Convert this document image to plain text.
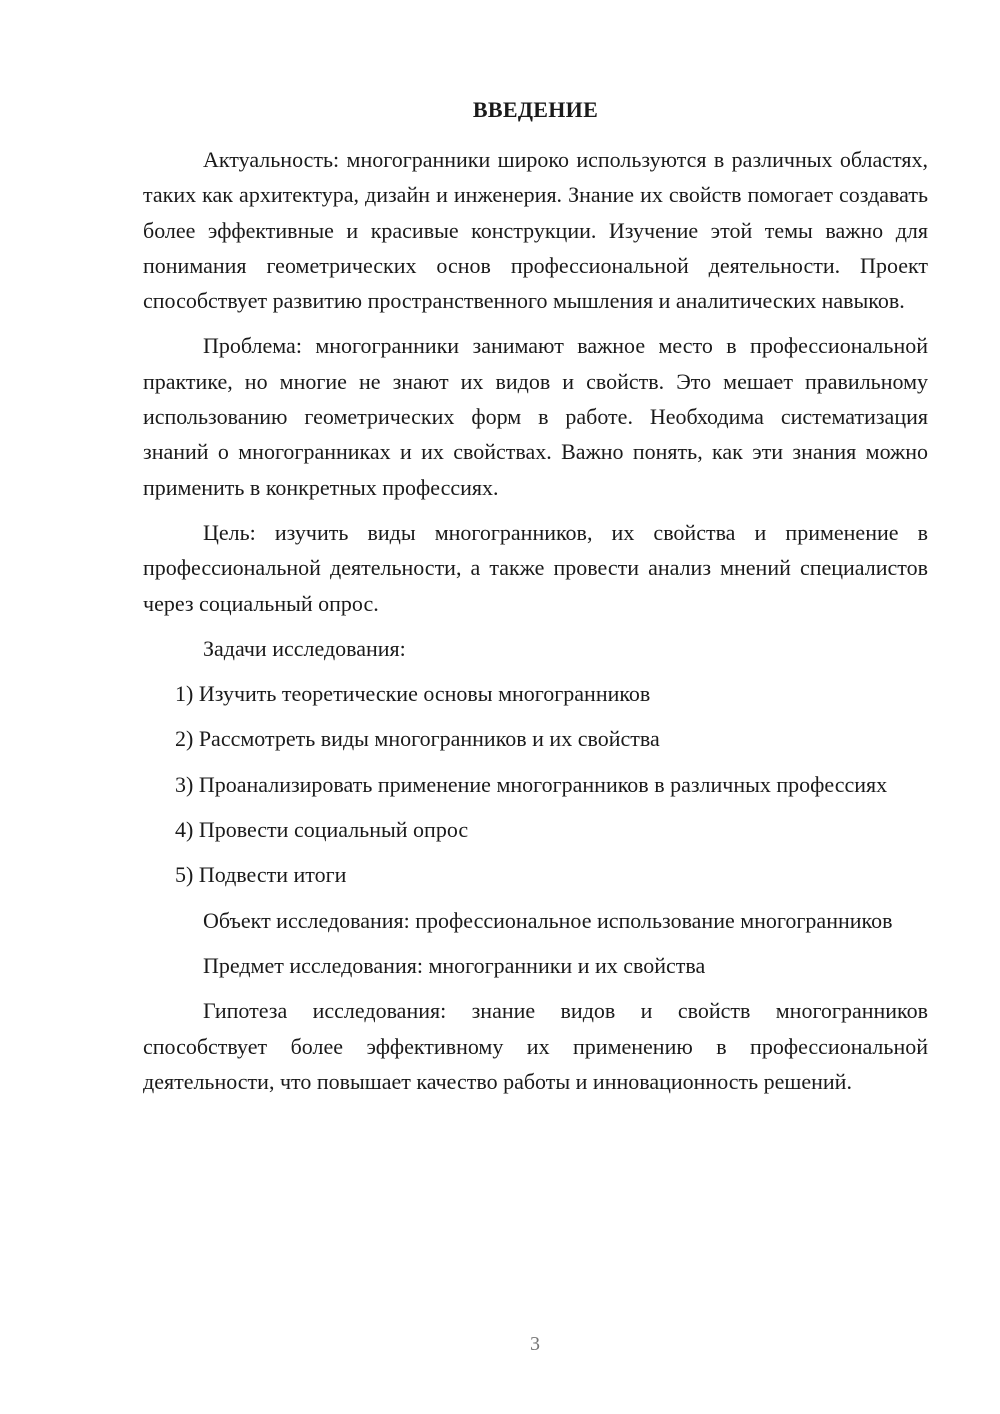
ВВЕДЕНИЕ

Актуальность: многогранники широко используются в различных областях, таких как архитектура, дизайн и инженерия. Знание их свойств помогает создавать более эффективные и красивые конструкции. Изучение этой темы важно для понимания геометрических основ профессиональной деятельности. Проект способствует развитию пространственного мышления и аналитических навыков.

Проблема: многогранники занимают важное место в профессиональной практике, но многие не знают их видов и свойств. Это мешает правильному использованию геометрических форм в работе. Необходима систематизация знаний о многогранниках и их свойствах. Важно понять, как эти знания можно применить в конкретных профессиях.

Цель: изучить виды многогранников, их свойства и применение в профессиональной деятельности, а также провести анализ мнений специалистов через социальный опрос.

Задачи исследования:

1) Изучить теоретические основы многогранников

2) Рассмотреть виды многогранников и их свойства

3) Проанализировать применение многогранников в различных профессиях

4) Провести социальный опрос

5) Подвести итоги

Объект исследования: профессиональное использование многогранников

Предмет исследования: многогранники и их свойства

Гипотеза исследования: знание видов и свойств многогранников способствует более эффективному их применению в профессиональной деятельности, что повышает качество работы и инновационность решений.

3
